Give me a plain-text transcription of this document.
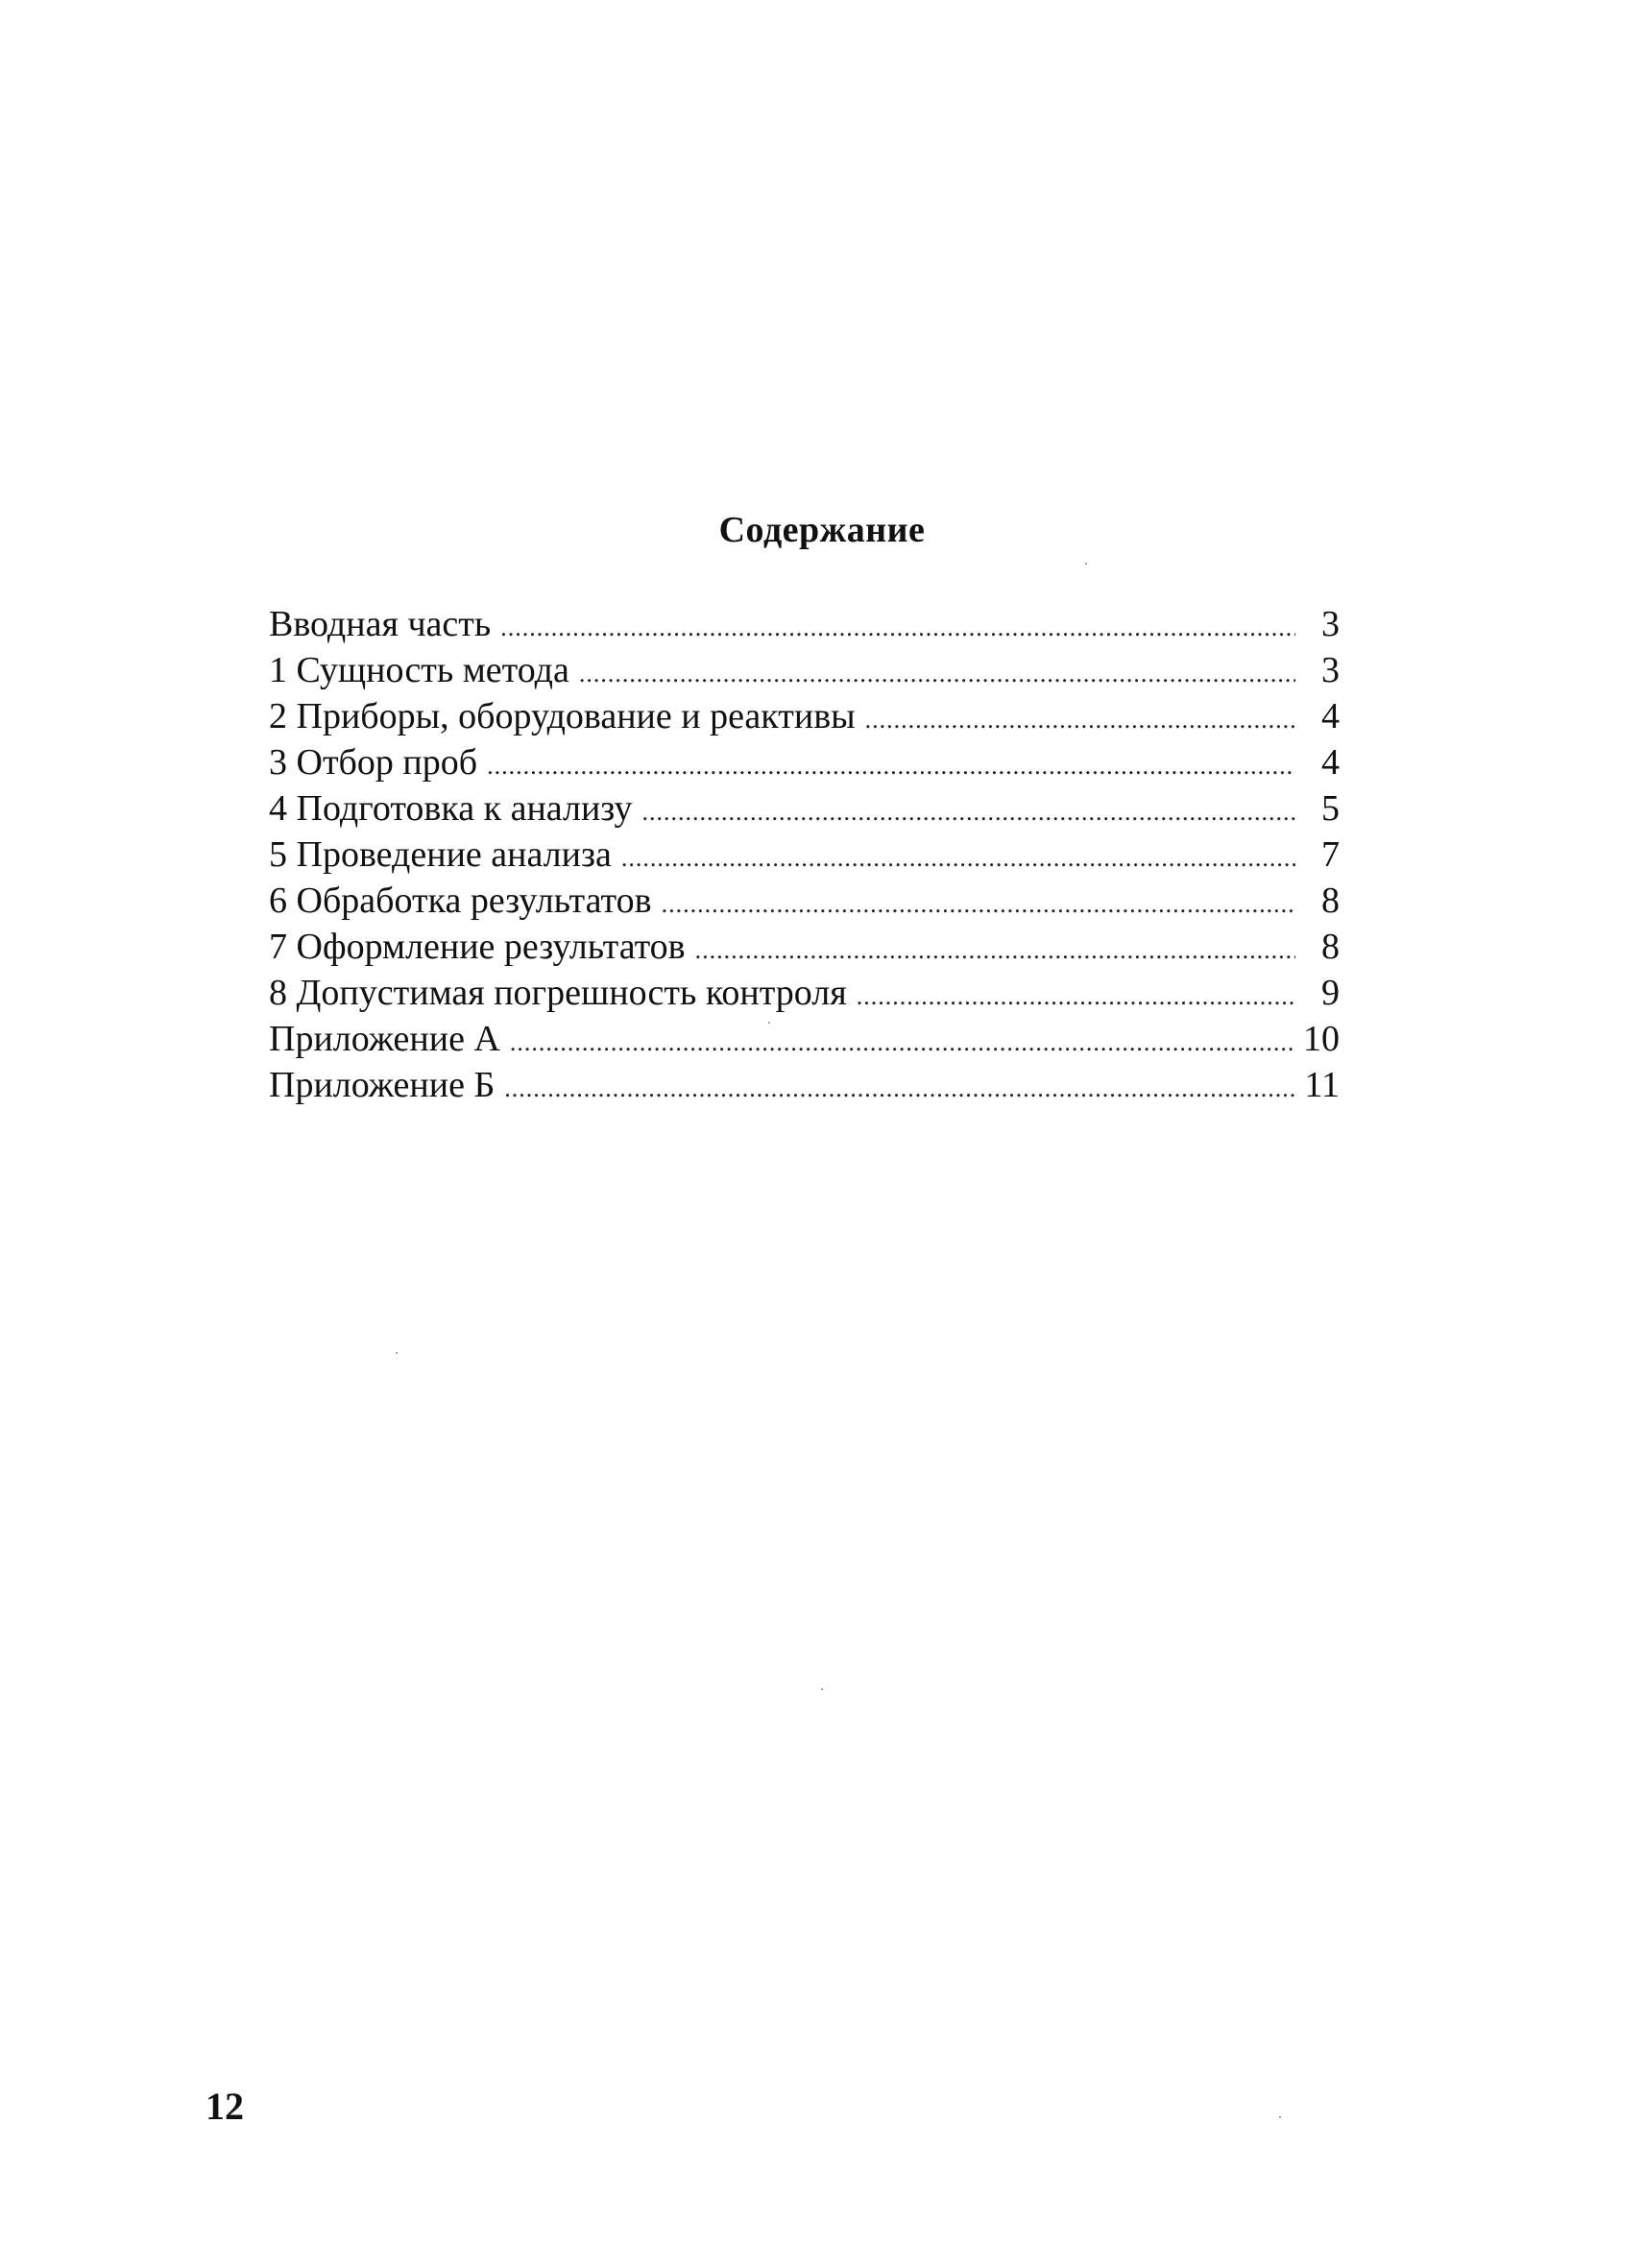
Содержание
Вводная часть .....	3
1 Сущность метода .....	3
2 Приборы, оборудование и реактивы .....	4
3 Отбор проб .....	4
4 Подготовка к анализу .....	5
5 Проведение анализа .....	7
6 Обработка результатов .....	8
7 Оформление результатов .....	8
8 Допустимая погрешность контроля .....	9
Приложение А .....	10
Приложение Б .....	11
12
